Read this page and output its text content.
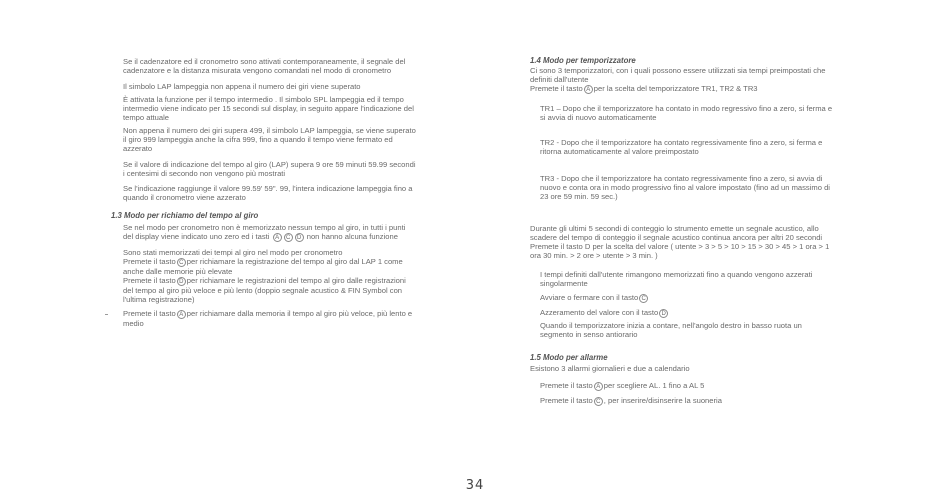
Se il cadenzatore ed il cronometro sono attivati contemporaneamente, il segnale del
cadenzatore e la distanza misurata vengono comandati nel modo di cronometro
Il simbolo LAP lampeggia non appena il numero dei giri viene superato
È attivata la funzione per il tempo intermedio . Il simbolo SPL lampeggia ed il tempo
intermedio viene indicato per 15 secondi sul display, in seguito appare l'indicazione del
tempo attuale
Non appena il numero dei giri supera 499, il simbolo LAP lampeggia, se viene superato
il giro 999 lampeggia anche la cifra 999, fino a quando il tempo viene fermato ed
azzerato
Se il valore di indicazione del tempo al giro (LAP) supera 9 ore 59 minuti 59.99 secondi
i centesimi di secondo non vengono più mostrati
Se l'indicazione raggiunge il valore 99.59' 59". 99, l'intera indicazione lampeggia fino a
quando il cronometro viene azzerato
1.3 Modo per richiamo del tempo al giro
Se nel modo per cronometro non è memorizzato nessun tempo al giro, in tutti i punti
del display viene indicato uno zero ed i tasti A C D non hanno alcuna funzione
Sono stati memorizzati dei tempi al giro nel modo per cronometro
Premete il tasto C per richiamare la registrazione del tempo al giro dal LAP 1 come
anche dalle memorie più elevate
Premete il tasto D per richiamare le registrazioni del tempo al giro dalle registrazioni
del tempo al giro più veloce e più lento (doppio segnale acustico & FIN Symbol con
l'ultima registrazione)
Premete il tasto A per richiamare dalla memoria il tempo al giro più veloce, più lento e
medio
1.4 Modo per temporizzatore
Ci sono 3 temporizzatori, con i quali possono essere utilizzati sia tempi preimpostati che
definiti dall'utente
Premete il tasto A per la scelta del temporizzatore TR1, TR2 & TR3
TR1 – Dopo che il temporizzatore ha contato in modo regressivo fino a zero, si ferma e
si avvia di nuovo automaticamente
TR2 - Dopo che il temporizzatore ha contato regressivamente fino a zero, si ferma e
ritorna automaticamente al valore preimpostato
TR3 - Dopo che il temporizzatore ha contato regressivamente fino a zero, si avvia di
nuovo e conta ora in modo progressivo fino al valore impostato (fino ad un massimo di
23 ore 59 min. 59 sec.)
Durante gli ultimi 5 secondi di conteggio lo strumento emette un segnale acustico, allo
scadere del tempo di conteggio il segnale acustico continua ancora per altri 20 secondi
Premete il tasto D per la scelta del valore ( utente > 3 > 5 > 10 > 15 > 30 > 45 > 1 ora > 1
ora 30 min. > 2 ore > utente > 3 min. )
I tempi definiti dall'utente rimangono memorizzati fino a quando vengono azzerati
singolarmente
Avviare o fermare con il tasto C
Azzeramento del valore con il tasto D
Quando il temporizzatore inizia a contare, nell'angolo destro in basso ruota un
segmento in senso antiorario
1.5 Modo per allarme
Esistono 3 allarmi giornalieri e due a calendario
Premete il tasto A per scegliere AL. 1 fino a AL 5
Premete il tasto C , per inserire/disinserire la suoneria
34
